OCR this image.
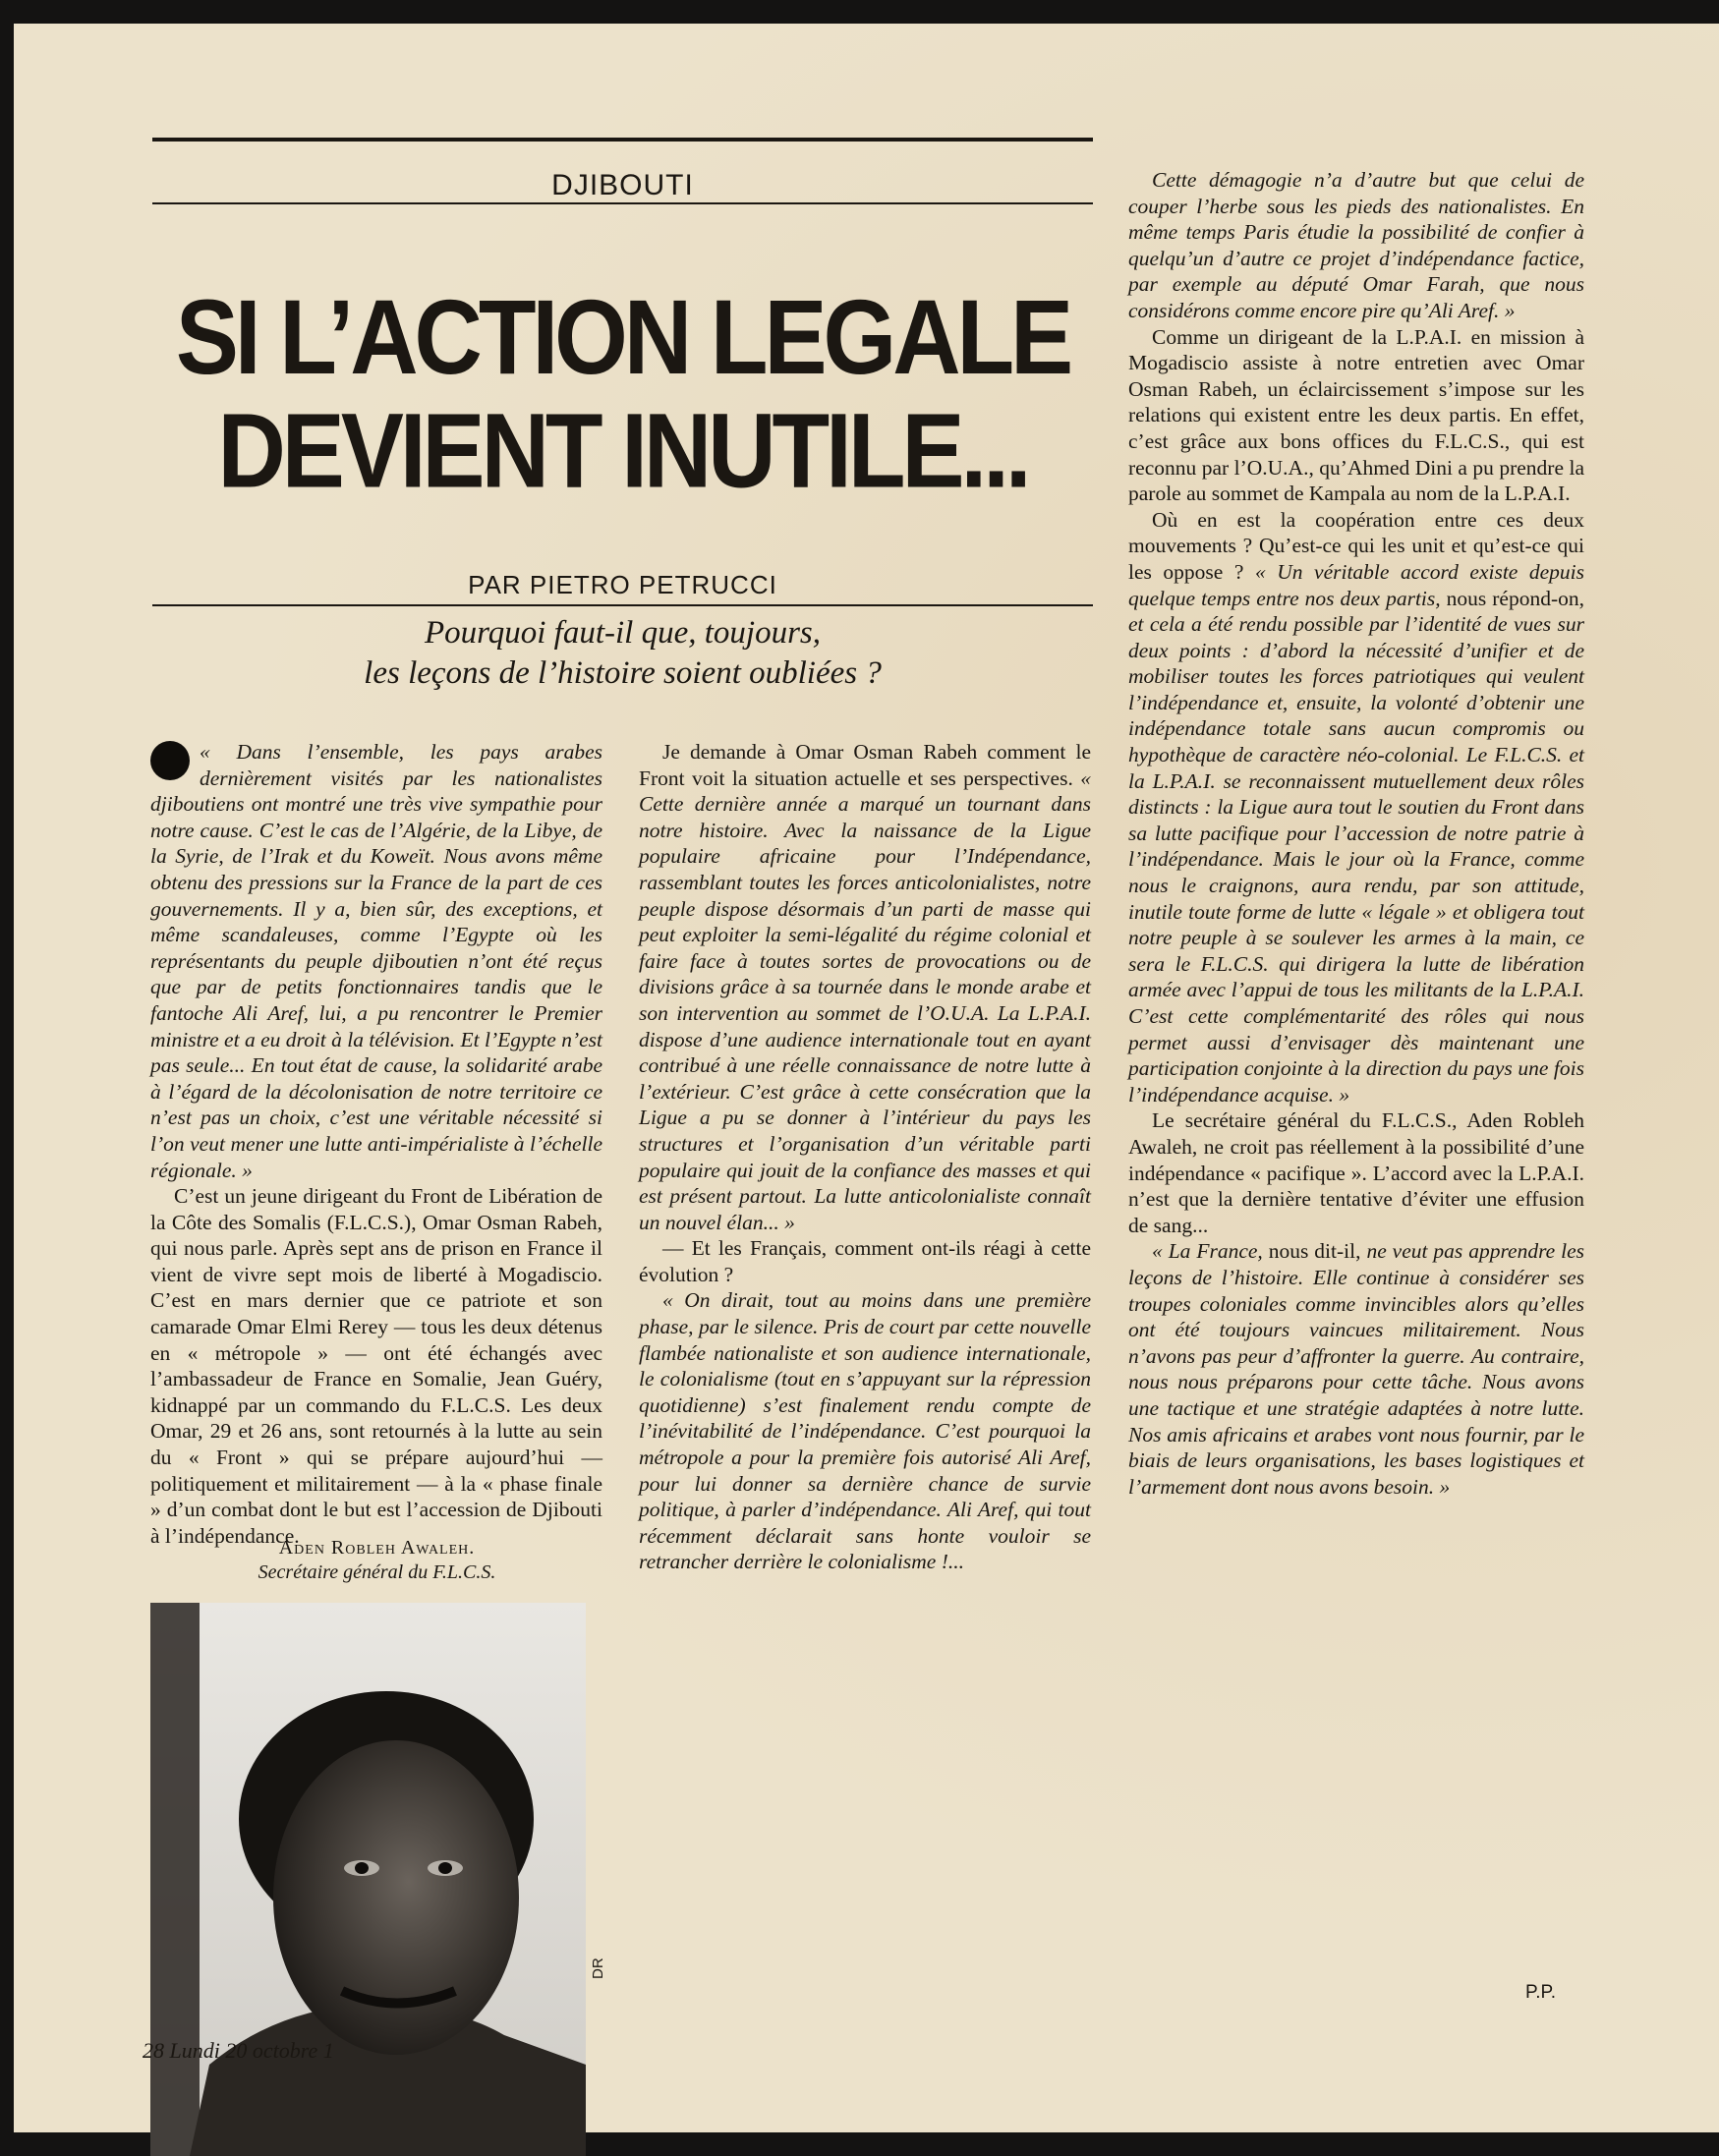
DJIBOUTI
SI L’ACTION LEGALE
DEVIENT INUTILE...
PAR PIETRO PETRUCCI
Pourquoi faut-il que, toujours,
les leçons de l’histoire soient oubliées ?

« Dans l’ensemble, les pays arabes dernièrement visités par les nationalistes djiboutiens ont montré une très vive sympathie pour notre cause. C’est le cas de l’Algérie, de la Libye, de la Syrie, de l’Irak et du Koweït. Nous avons même obtenu des pressions sur la France de la part de ces gouvernements. Il y a, bien sûr, des exceptions, et même scandaleuses, comme l’Egypte où les représentants du peuple djiboutien n’ont été reçus que par de petits fonctionnaires tandis que le fantoche Ali Aref, lui, a pu rencontrer le Premier ministre et a eu droit à la télévision. Et l’Egypte n’est pas seule... En tout état de cause, la solidarité arabe à l’égard de la décolonisation de notre territoire ce n’est pas un choix, c’est une véritable nécessité si l’on veut mener une lutte anti-impérialiste à l’échelle régionale. »

C’est un jeune dirigeant du Front de Libération de la Côte des Somalis (F.L.C.S.), Omar Osman Rabeh, qui nous parle. Après sept ans de prison en France il vient de vivre sept mois de liberté à Mogadiscio. C’est en mars dernier que ce patriote et son camarade Omar Elmi Rerey — tous les deux détenus en « métropole » — ont été échangés avec l’ambassadeur de France en Somalie, Jean Guéry, kidnappé par un commando du F.L.C.S. Les deux Omar, 29 et 26 ans, sont retournés à la lutte au sein du « Front » qui se prépare aujourd’hui — politiquement et militairement — à la « phase finale » d’un combat dont le but est l’accession de Djibouti à l’indépendance.

Je demande à Omar Osman Rabeh comment le Front voit la situation actuelle et ses perspectives. « Cette dernière année a marqué un tournant dans notre histoire. Avec la naissance de la Ligue populaire africaine pour l’Indépendance, rassemblant toutes les forces anticolonialistes, notre peuple dispose désormais d’un parti de masse qui peut exploiter la semi-légalité du régime colonial et faire face à toutes sortes de provocations ou de divisions grâce à sa tournée dans le monde arabe et son intervention au sommet de l’O.U.A. La L.P.A.I. dispose d’une audience internationale tout en ayant contribué à une réelle connaissance de notre lutte à l’extérieur. C’est grâce à cette consécration que la Ligue a pu se donner à l’intérieur du pays les structures et l’organisation d’un véritable parti populaire qui jouit de la confiance des masses et qui est présent partout. La lutte anticolonialiste connaît un nouvel élan... »

— Et les Français, comment ont-ils réagi à cette évolution ?

« On dirait, tout au moins dans une première phase, par le silence. Pris de court par cette nouvelle flambée nationaliste et son audience internationale, le colonialisme (tout en s’appuyant sur la répression quotidienne) s’est finalement rendu compte de l’inévitabilité de l’indépendance. C’est pourquoi la métropole a pour la première fois autorisé Ali Aref, pour lui donner sa dernière chance de survie politique, à parler d’indépendance. Ali Aref, qui tout récemment déclarait sans honte vouloir se retrancher derrière le colonialisme !...

Cette démagogie n’a d’autre but que celui de couper l’herbe sous les pieds des nationalistes. En même temps Paris étudie la possibilité de confier à quelqu’un d’autre ce projet d’indépendance factice, par exemple au député Omar Farah, que nous considérons comme encore pire qu’Ali Aref. »

Comme un dirigeant de la L.P.A.I. en mission à Mogadiscio assiste à notre entretien avec Omar Osman Rabeh, un éclaircissement s’impose sur les relations qui existent entre les deux partis. En effet, c’est grâce aux bons offices du F.L.C.S., qui est reconnu par l’O.U.A., qu’Ahmed Dini a pu prendre la parole au sommet de Kampala au nom de la L.P.A.I.

Où en est la coopération entre ces deux mouvements ? Qu’est-ce qui les unit et qu’est-ce qui les oppose ? « Un véritable accord existe depuis quelque temps entre nos deux partis, nous répond-on, et cela a été rendu possible par l’identité de vues sur deux points : d’abord la nécessité d’unifier et de mobiliser toutes les forces patriotiques qui veulent l’indépendance et, ensuite, la volonté d’obtenir une indépendance totale sans aucun compromis ou hypothèque de caractère néo-colonial. Le F.L.C.S. et la L.P.A.I. se reconnaissent mutuellement deux rôles distincts : la Ligue aura tout le soutien du Front dans sa lutte pacifique pour l’accession de notre patrie à l’indépendance. Mais le jour où la France, comme nous le craignons, aura rendu, par son attitude, inutile toute forme de lutte « légale » et obligera tout notre peuple à se soulever les armes à la main, ce sera le F.L.C.S. qui dirigera la lutte de libération armée avec l’appui de tous les militants de la L.P.A.I. C’est cette complémentarité des rôles qui nous permet aussi d’envisager dès maintenant une participation conjointe à la direction du pays une fois l’indépendance acquise. »

Le secrétaire général du F.L.C.S., Aden Robleh Awaleh, ne croit pas réellement à la possibilité d’une indépendance « pacifique ». L’accord avec la L.P.A.I. n’est que la dernière tentative d’éviter une effusion de sang...

« La France, nous dit-il, ne veut pas apprendre les leçons de l’histoire. Elle continue à considérer ses troupes coloniales comme invincibles alors qu’elles ont été toujours vaincues militairement. Nous n’avons pas peur d’affronter la guerre. Au contraire, nous nous préparons pour cette tâche. Nous avons une tactique et une stratégie adaptées à notre lutte. Nos amis africains et arabes vont nous fournir, par le biais de leurs organisations, les bases logistiques et l’armement dont nous avons besoin. »

P.P.
Aden Robleh Awaleh.
Secrétaire général du F.L.C.S.
DR
28 Lundi 20 octobre 1
